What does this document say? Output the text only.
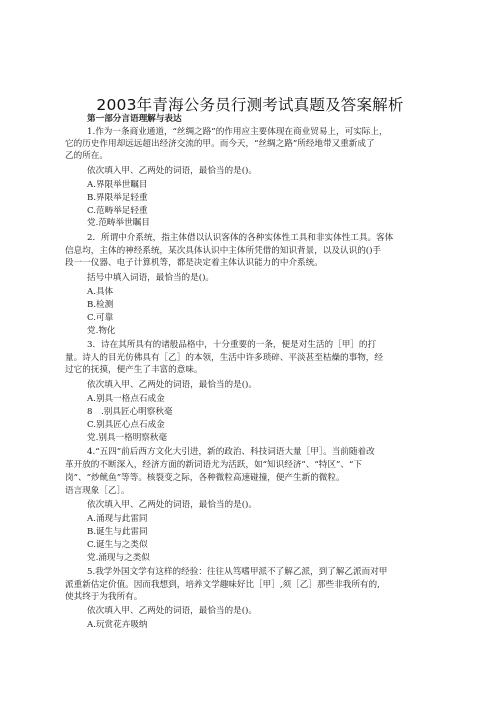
2003年青海公务员行测考试真题及答案解析
第一部分言语理解与表达
1.作为一条商业通道，“丝绸之路”的作用应主要体现在商业贸易上，可实际上，
它的历史作用却远远超出经济交流的甲。而今天，“丝绸之路”所经地带又重新成了
乙的所在。
依次填入甲、乙两处的词语，最恰当的是()。
A.界限举世瞩目
B.界限举足轻重
C.范畴举足轻重
党.范畴举世瞩目
2．所谓中介系统，指主体借以认识客体的各种实体性工具和非实体性工具。客体
信息均，主体的神经系统，某次具体认识中主体所凭借的知识背景，以及认识的()手
段一一仪器、电子计算机等，都是决定着主体认识能力的中介系统。
括号中填入词语，最恰当的是()。
A.具体
B.检测
C.可靠
党.物化
3．诗在其所具有的诸般品格中，十分重要的一条，便是对生活的［甲］的打
量。诗人的目光仿佛具有［乙］的本领，生活中许多琐碎、平淡甚至枯燥的事物，经
过它的抚摸，便产生了丰富的意味。
依次填入甲、乙两处的词语，最恰当的是()。
A.别具一格点石成金
8　.别具匠心明察秋毫
C.别具匠心点石成金
党.别具一格明察秋毫
4.“五四”前后西方文化大引进，新的政治、科技词语大量［甲］。当前随着改
革开放的不断深入，经济方面的新词语尤为活跃，如“知识经济”、“特区”、“下
岗”、“炒鱿鱼”等等。核裂变之际，各种微粒高速碰撞，便产生新的微粒。
语言现象［乙］。
依次填入甲、乙两处的词语，最恰当的是()。
A.涌现与此雷同
B.诞生与此雷同
C.诞生与之类似
党.涌现与之类似
5.我学外国文学有这样的经验：往往从笃嗜甲派不了解乙派，到了解乙派而对甲
派重新估定价值。因而我想到，培养文学趣味好比［甲］,须［乙］那些非我所有的,
使其终于为我所有。
依次填入甲、乙两处的词语，最恰当的是()。
A.玩赏花卉吸纳
